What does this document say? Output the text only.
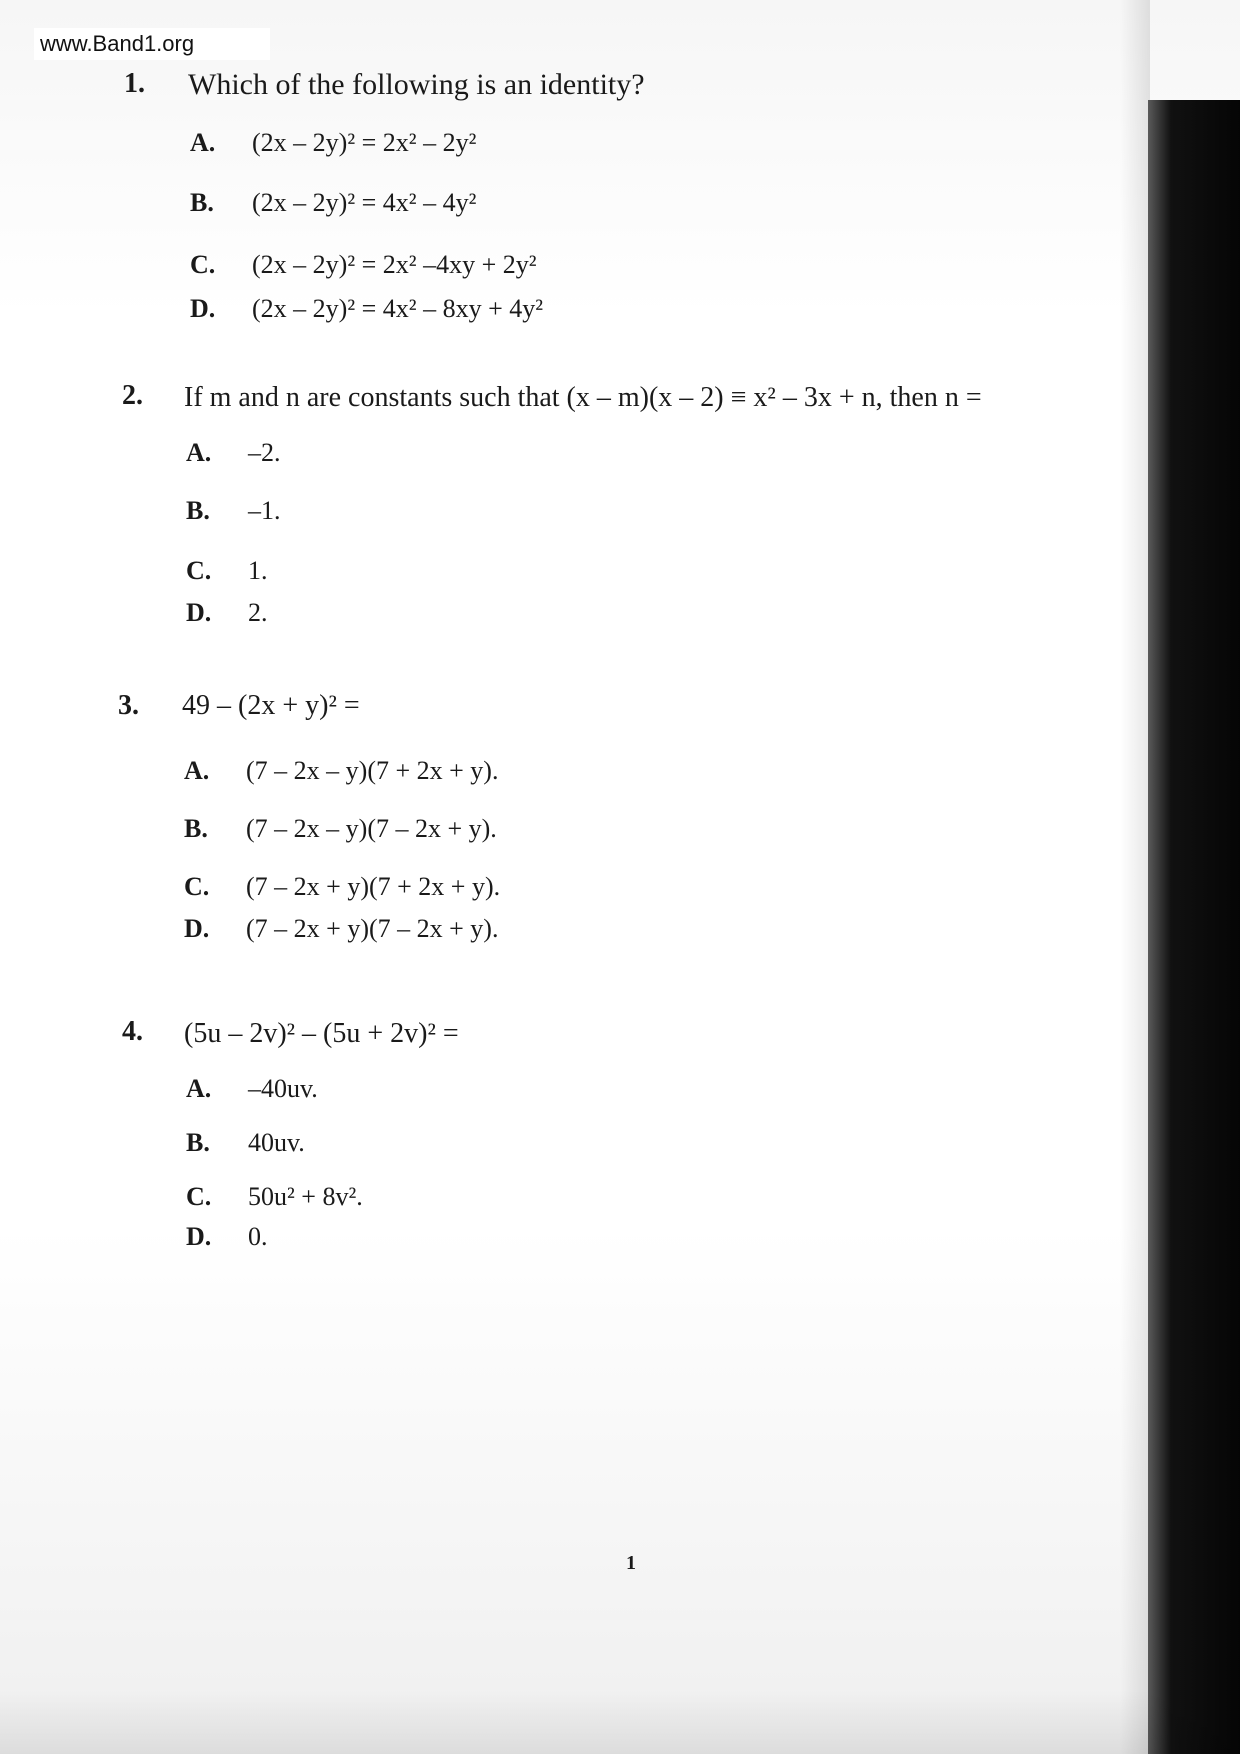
www.Band1.org
1. Which of the following is an identity?
A. (2x – 2y)² = 2x² – 2y²
B. (2x – 2y)² = 4x² – 4y²
C. (2x – 2y)² = 2x² –4xy + 2y²
D. (2x – 2y)² = 4x² – 8xy + 4y²
2. If m and n are constants such that (x – m)(x – 2) ≡ x² – 3x + n, then n =
A. –2.
B. –1.
C. 1.
D. 2.
3. 49 – (2x + y)² =
A. (7 – 2x – y)(7 + 2x + y).
B. (7 – 2x – y)(7 – 2x + y).
C. (7 – 2x + y)(7 + 2x + y).
D. (7 – 2x + y)(7 – 2x + y).
4. (5u – 2v)² – (5u + 2v)² =
A. –40uv.
B. 40uv.
C. 50u² + 8v².
D. 0.
1
